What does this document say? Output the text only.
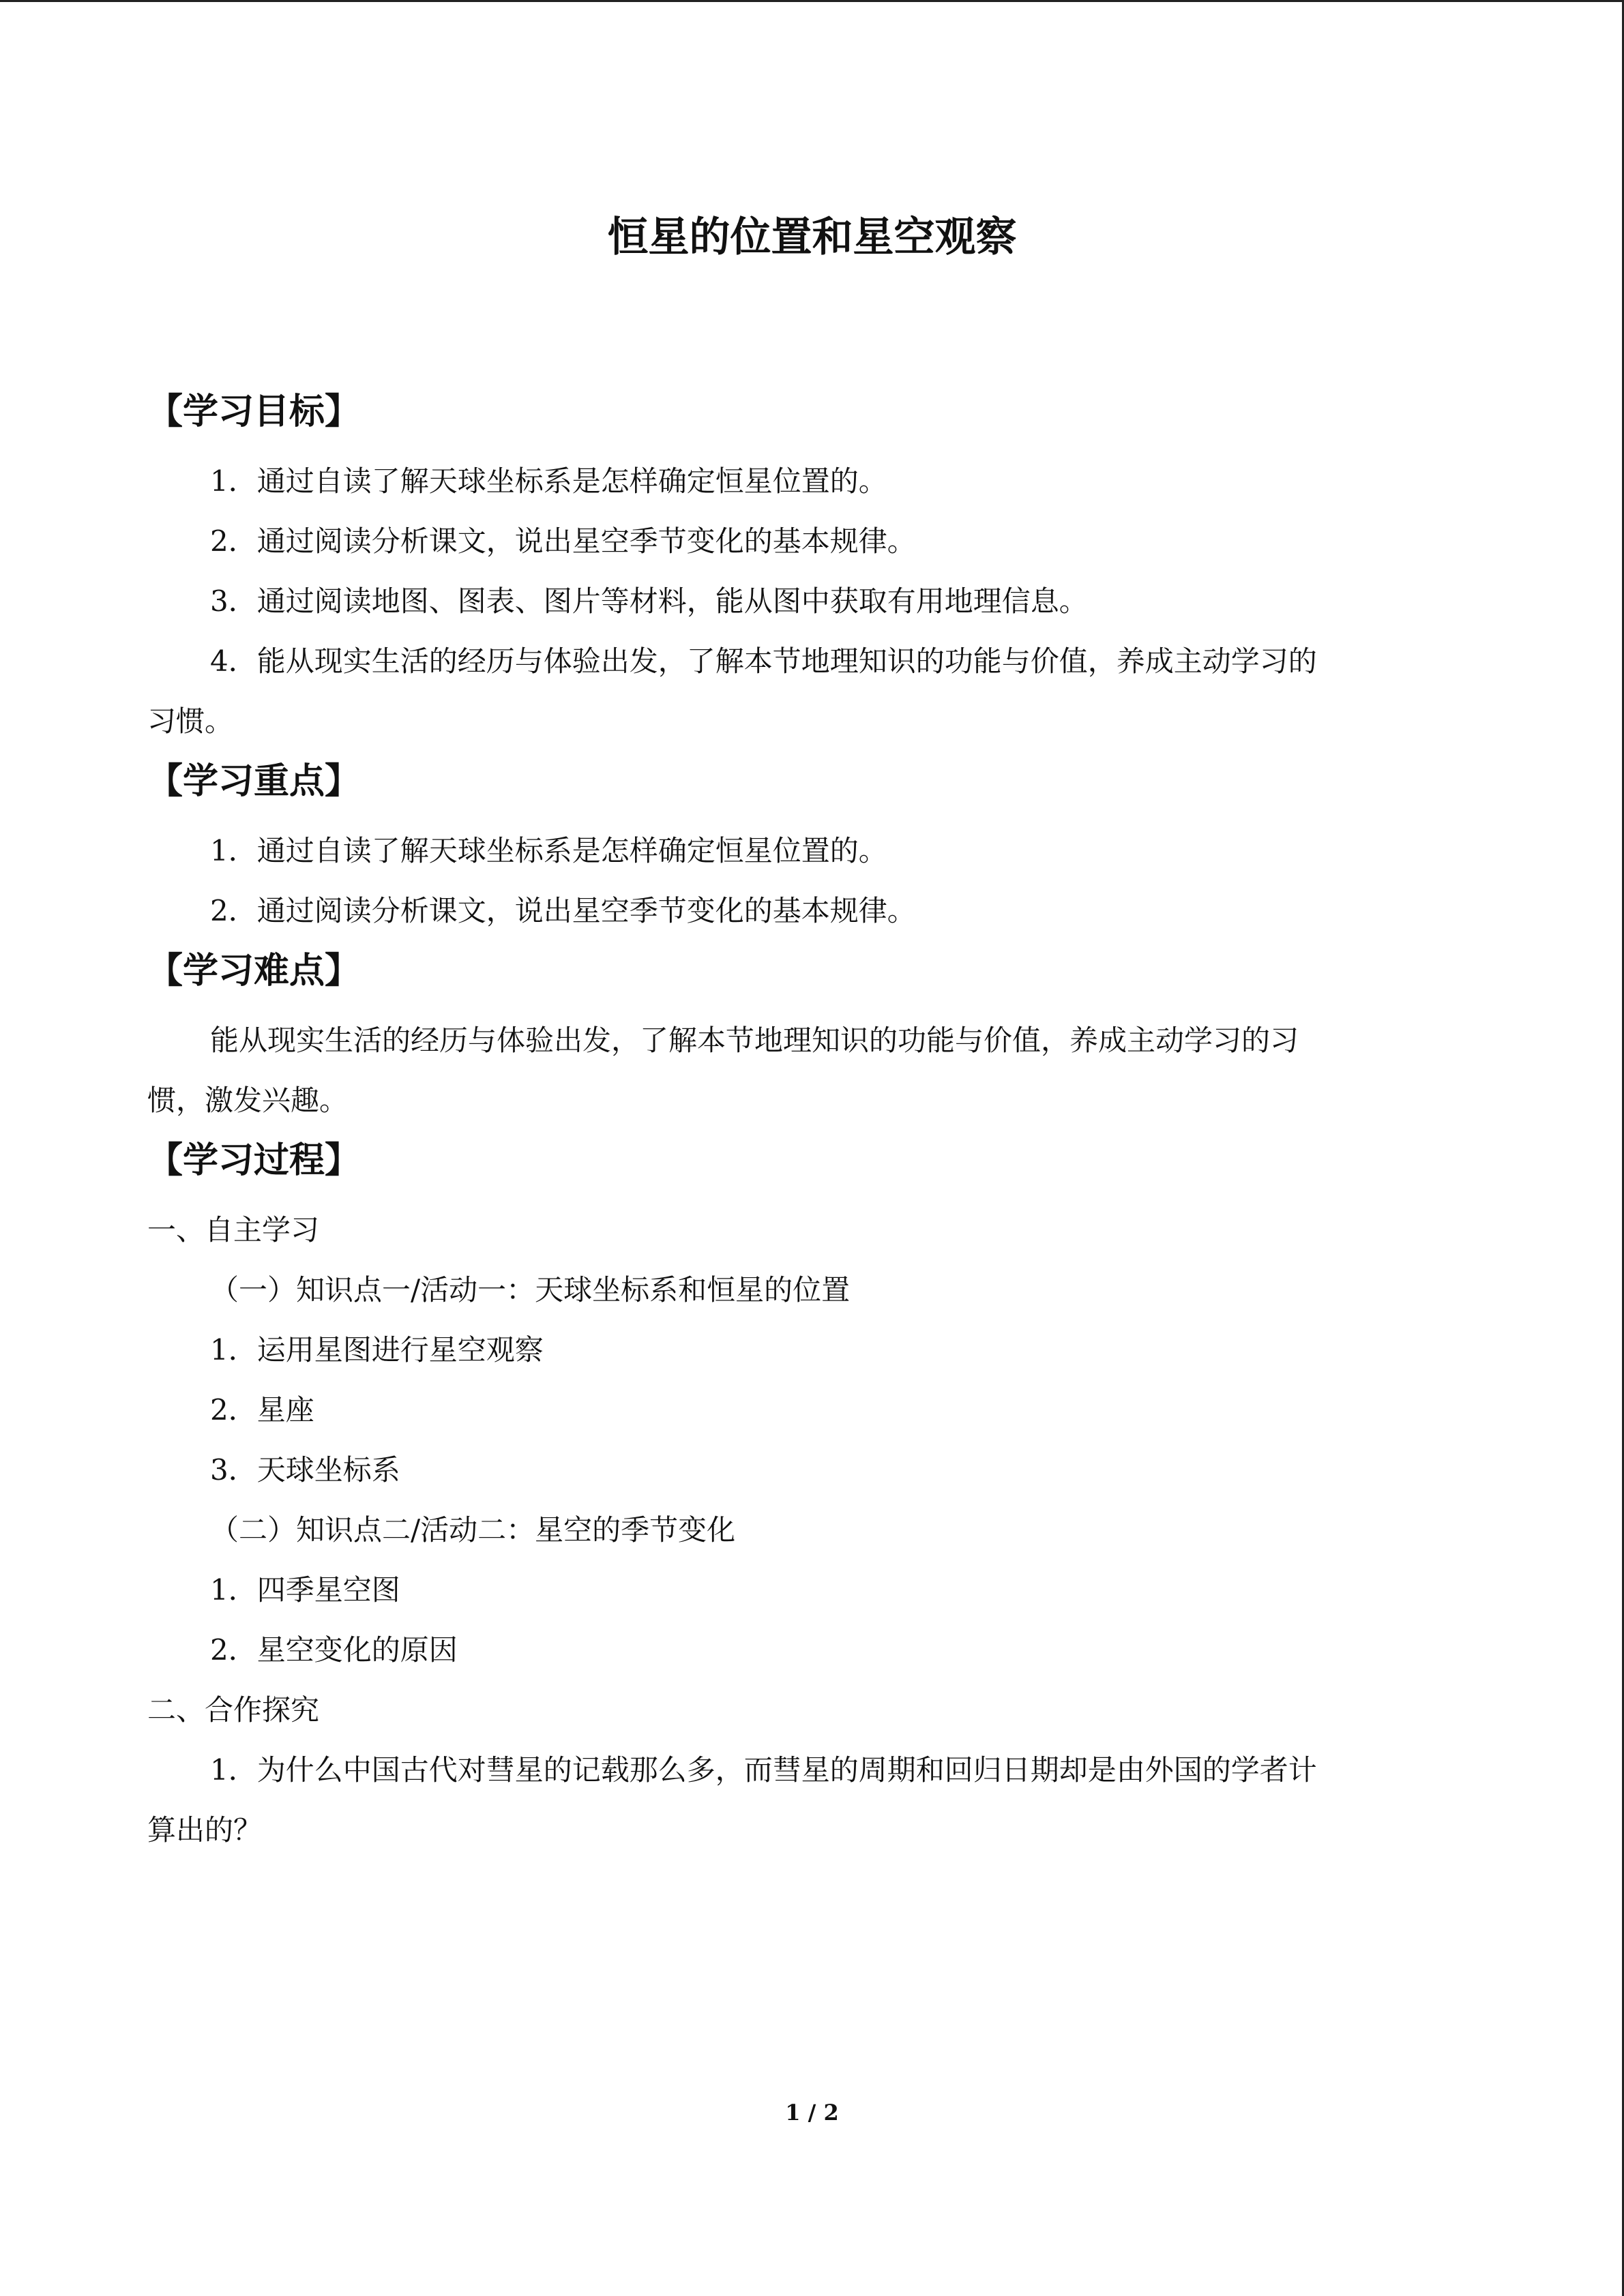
恒星的位置和星空观察
【学习目标】

1．通过自读了解天球坐标系是怎样确定恒星位置的。

2．通过阅读分析课文，说出星空季节变化的基本规律。

3．通过阅读地图、图表、图片等材料，能从图中获取有用地理信息。

4．能从现实生活的经历与体验出发，了解本节地理知识的功能与价值，养成主动学习的

习惯。

【学习重点】

1．通过自读了解天球坐标系是怎样确定恒星位置的。

2．通过阅读分析课文，说出星空季节变化的基本规律。

【学习难点】

能从现实生活的经历与体验出发，了解本节地理知识的功能与价值，养成主动学习的习

惯，激发兴趣。

【学习过程】

一、自主学习

（一）知识点一/活动一：天球坐标系和恒星的位置

1．运用星图进行星空观察

2．星座

3．天球坐标系

（二）知识点二/活动二：星空的季节变化

1．四季星空图

2．星空变化的原因

二、合作探究

1．为什么中国古代对彗星的记载那么多，而彗星的周期和回归日期却是由外国的学者计

算出的？

1 / 2
